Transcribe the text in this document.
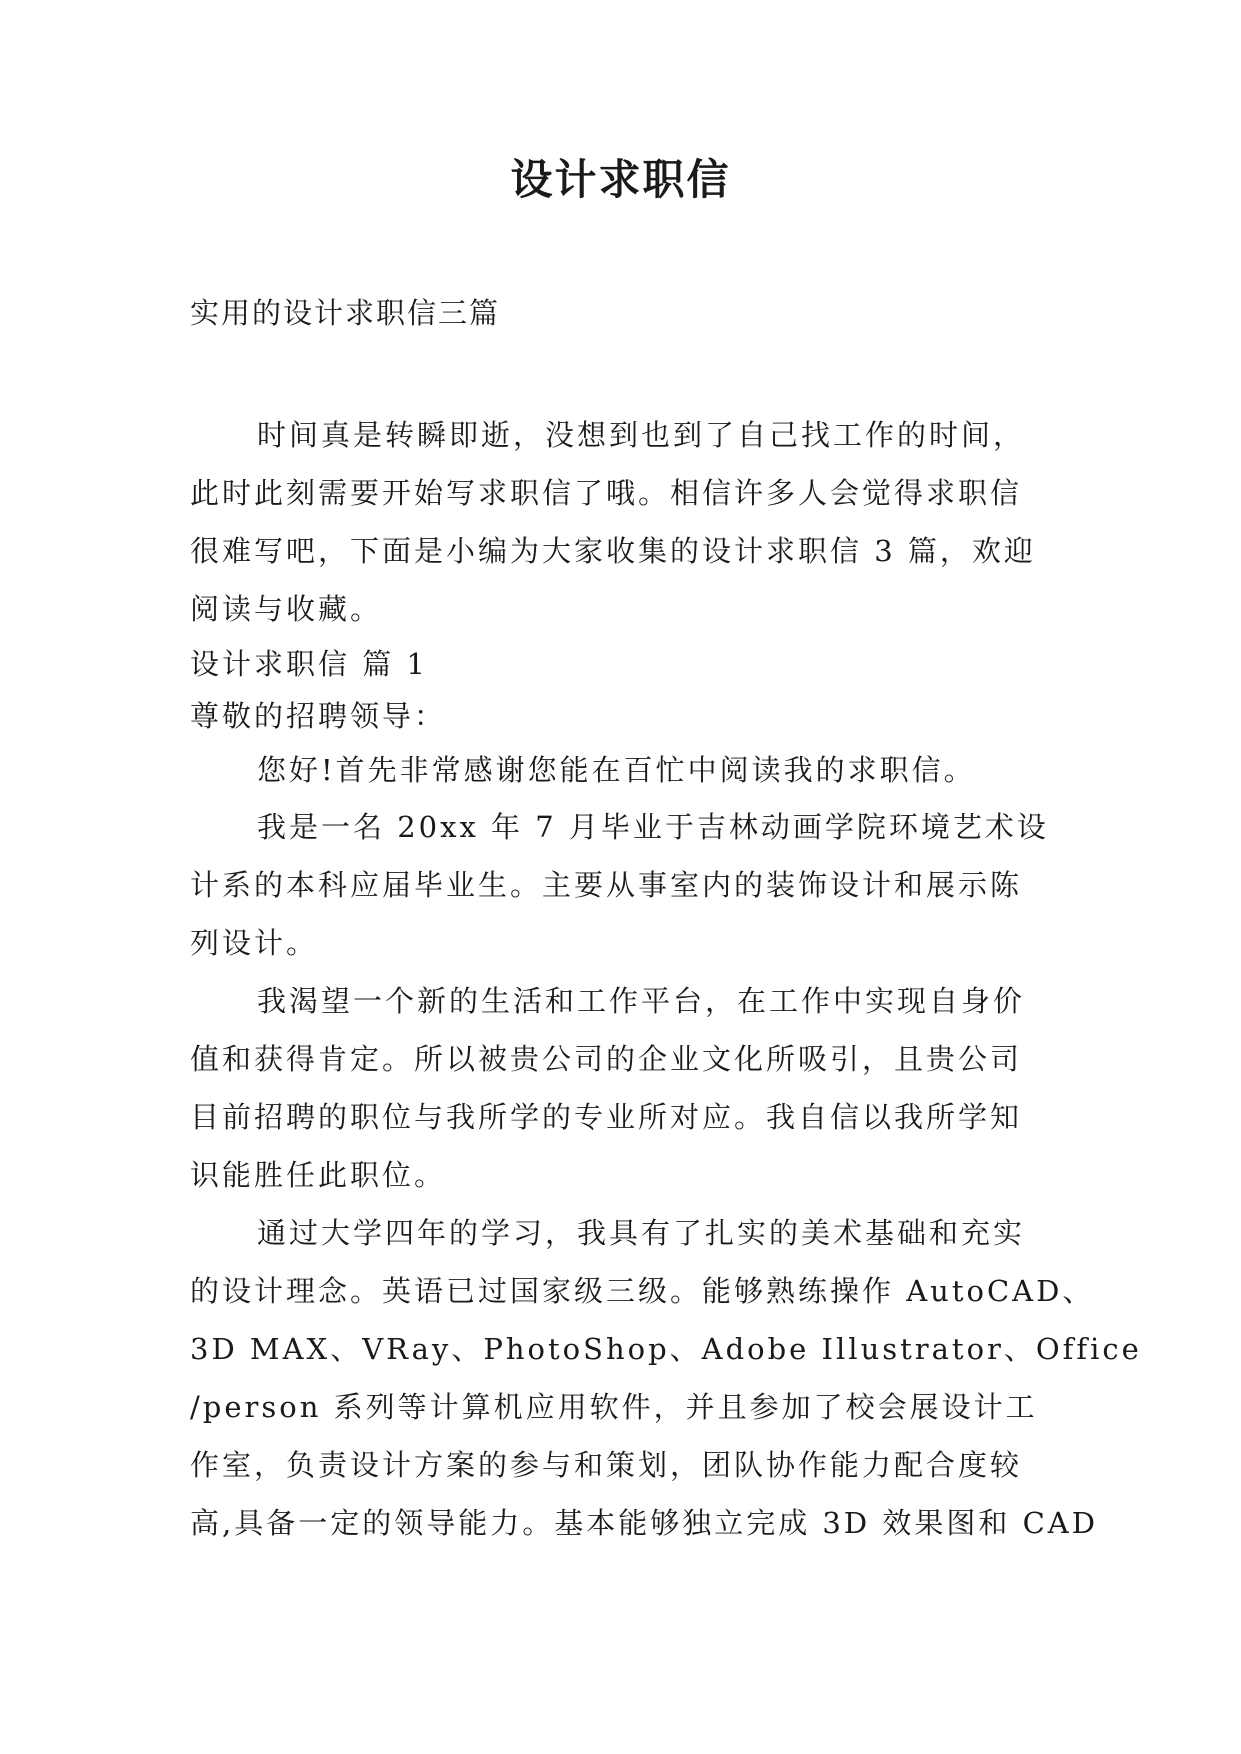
设计求职信
实用的设计求职信三篇

时间真是转瞬即逝，没想到也到了自己找工作的时间，
此时此刻需要开始写求职信了哦。相信许多人会觉得求职信
很难写吧，下面是小编为大家收集的设计求职信 3 篇，欢迎
阅读与收藏。

设计求职信 篇 1

尊敬的招聘领导：

您好!首先非常感谢您能在百忙中阅读我的求职信。

我是一名 20xx 年 7 月毕业于吉林动画学院环境艺术设
计系的本科应届毕业生。主要从事室内的装饰设计和展示陈
列设计。

我渴望一个新的生活和工作平台，在工作中实现自身价
值和获得肯定。所以被贵公司的企业文化所吸引，且贵公司
目前招聘的职位与我所学的专业所对应。我自信以我所学知
识能胜任此职位。

通过大学四年的学习，我具有了扎实的美术基础和充实
的设计理念。英语已过国家级三级。能够熟练操作 AutoCAD、
3D MAX、VRay、PhotoShop、Adobe Illustrator、Office
/person 系列等计算机应用软件，并且参加了校会展设计工
作室，负责设计方案的参与和策划，团队协作能力配合度较
高,具备一定的领导能力。基本能够独立完成 3D 效果图和 CAD
